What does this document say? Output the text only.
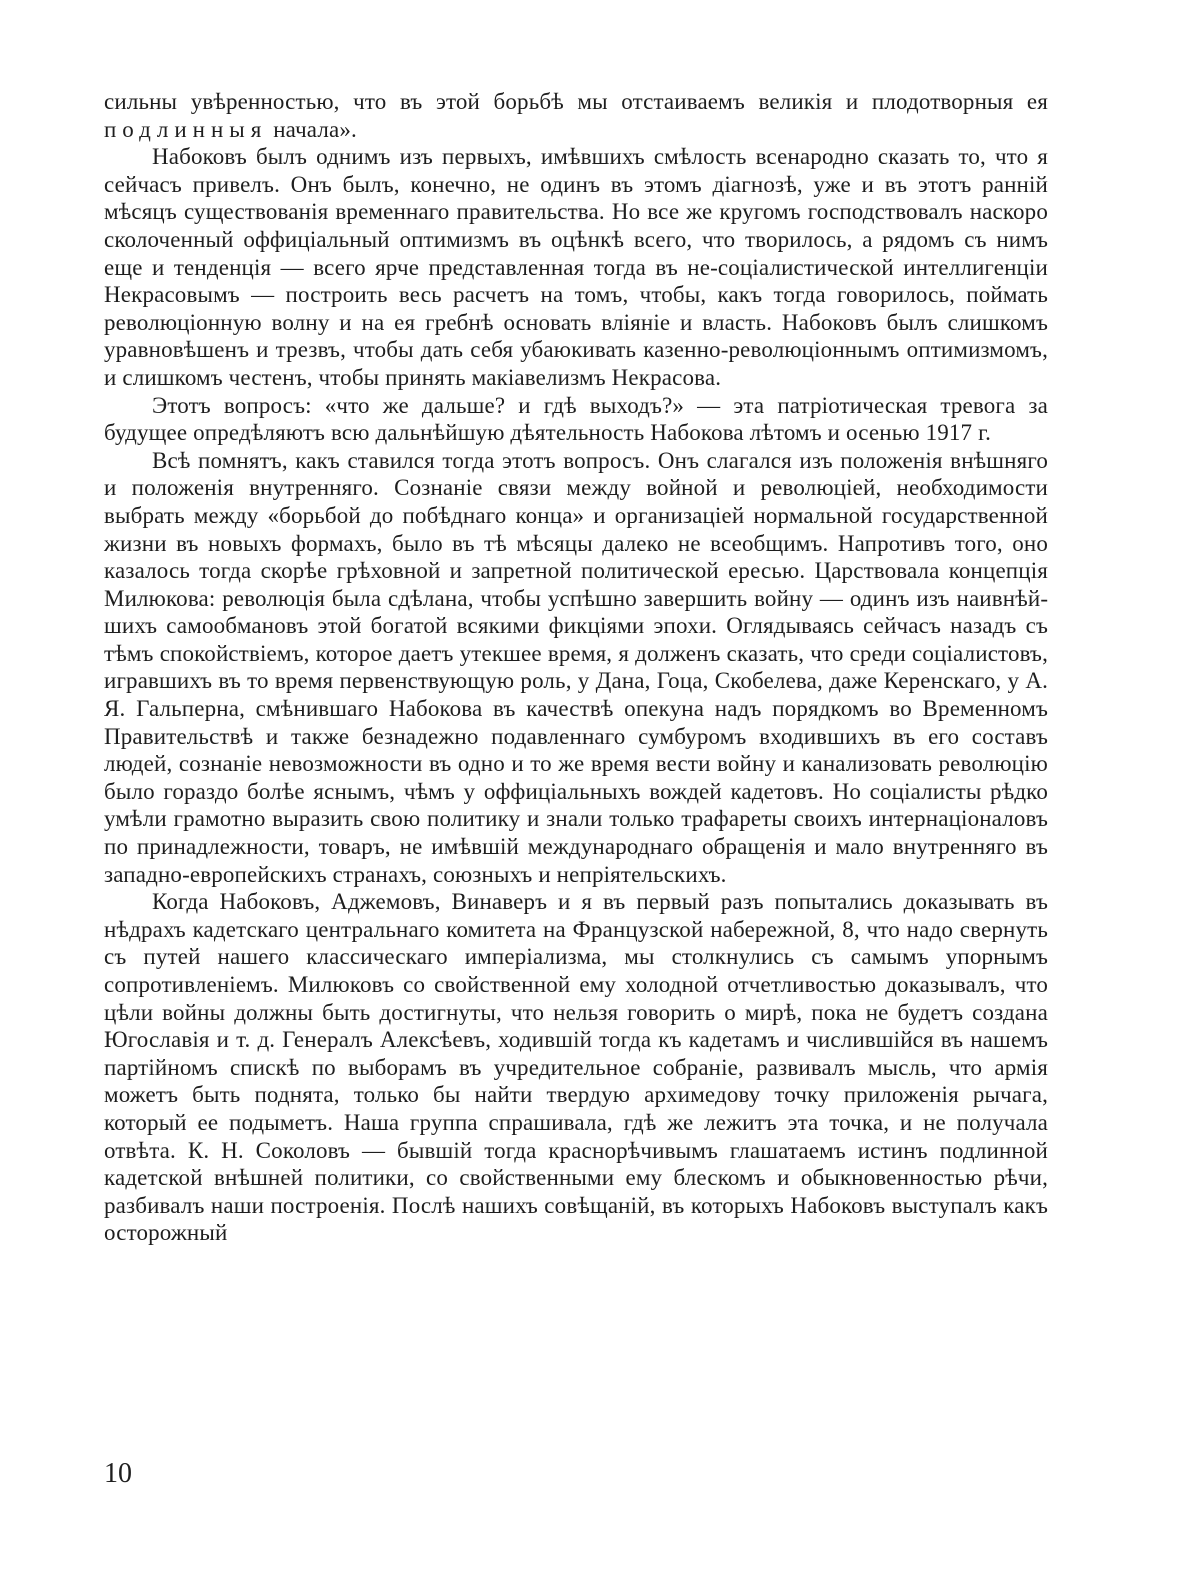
сильны увѣренностью, что въ этой борьбѣ мы отстаиваемъ великія и плодотворныя ея подлинныя начала».

Набоковъ былъ однимъ изъ первыхъ, имѣвшихъ смѣлость всенародно сказать то, что я сейчасъ привелъ. Онъ былъ, конечно, не одинъ въ этомъ діагнозѣ, уже и въ этотъ раннiй мѣсяцъ существованія временнаго правительства. Но все же кругомъ господствовалъ наскоро сколоченный оффиціальный оптимизмъ въ оцѣнкѣ всего, что творилось, а рядомъ съ нимъ еще и тенденція — всего ярче представленная тогда въ не-соціалистической интеллигенціи Некрасовымъ — построить весь расчетъ на томъ, чтобы, какъ тогда говорилось, поймать революціонную волну и на ея гребнѣ основать вліяніе и власть. Набоковъ былъ слишкомъ уравновѣшенъ и трезвъ, чтобы дать себя убаюкивать казенно-революціоннымъ оптимизмомъ, и слишкомъ честенъ, чтобы принять макіавелизмъ Некрасова.

Этотъ вопросъ: «что же дальше? и гдѣ выходъ?» — эта патріотическая тревога за будущее опредѣляютъ всю дальнѣйшую дѣятельность Набокова лѣтомъ и осенью 1917 г.

Всѣ помнятъ, какъ ставился тогда этотъ вопросъ. Онъ слагался изъ положенія внѣшняго и положенія внутренняго. Сознаніе связи между войной и революціей, необходимости выбрать между «борьбой до побѣднаго конца» и организаціей нормальной государственной жизни въ новыхъ формахъ, было въ тѣ мѣсяцы далеко не всеобщимъ. Напротивъ того, оно казалось тогда скорѣе грѣховной и запретной политической ересью. Царствовала концепція Милюкова: революція была сдѣлана, чтобы успѣшно завершить войну — одинъ изъ наивнѣйшихъ самообмановъ этой богатой всякими фикціями эпохи. Оглядываясь сейчасъ назадъ съ тѣмъ спокойствіемъ, которое даетъ утекшее время, я долженъ сказать, что среди соціалистовъ, игравшихъ въ то время первенствующую роль, у Дана, Гоца, Скобелева, даже Керенскаго, у А. Я. Гальперна, смѣнившаго Набокова въ качествѣ опекуна надъ порядкомъ во Временномъ Правительствѣ и также безнадежно подавленнаго сумбуромъ входившихъ въ его составъ людей, сознаніе невозможности въ одно и то же время вести войну и канализовать революцію было гораздо болѣе яснымъ, чѣмъ у оффиціальныхъ вождей кадетовъ. Но соціалисты рѣдко умѣли грамотно выразить свою политику и знали только трафареты своихъ интернаціоналовъ по принадлежности, товаръ, не имѣвшiй международнаго обращенія и мало внутренняго въ западно-европейскихъ странахъ, союзныхъ и непріятельскихъ.

Когда Набоковъ, Аджемовъ, Винаверъ и я въ первый разъ попытались доказывать въ нѣдрахъ кадетскаго центральнаго комитета на Французской набережной, 8, что надо свернуть съ путей нашего классическаго имперіализма, мы столкнулись съ самымъ упорнымъ сопротивленіемъ. Милюковъ со свойственной ему холодной отчетливостью доказывалъ, что цѣли войны должны быть достигнуты, что нельзя говорить о мирѣ, пока не будетъ создана Югославія и т. д. Генералъ Алексѣевъ, ходившій тогда къ кадетамъ и числившійся въ нашемъ партійномъ спискѣ по выборамъ въ учредительное собраніе, развивалъ мысль, что армія можетъ быть поднята, только бы найти твердую архимедову точку приложенія рычага, который ее подыметъ. Наша группа спрашивала, гдѣ же лежитъ эта точка, и не получала отвѣта. К. Н. Соколовъ — бывшій тогда краснорѣчивымъ глашатаемъ истинъ подлинной кадетской внѣшней политики, со свойственными ему блескомъ и обыкновенностью рѣчи, разбивалъ наши построенія. Послѣ нашихъ совѣщаній, въ которыхъ Набоковъ выступалъ какъ осторожный

10
